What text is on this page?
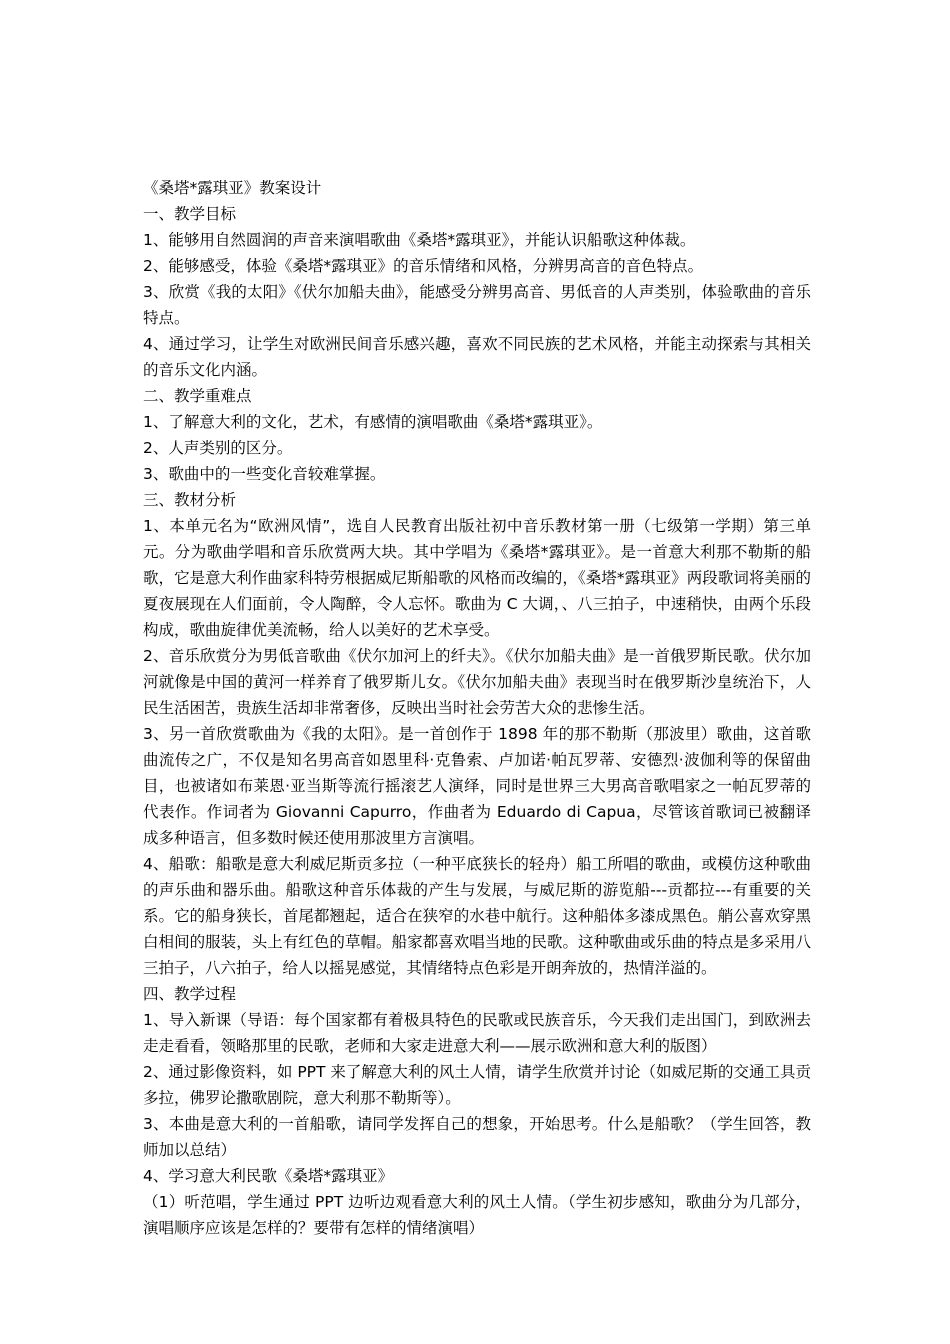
《桑塔*露琪亚》教案设计

一、教学目标

1、能够用自然圆润的声音来演唱歌曲《桑塔*露琪亚》，并能认识船歌这种体裁。

2、能够感受，体验《桑塔*露琪亚》的音乐情绪和风格，分辨男高音的音色特点。

3、欣赏《我的太阳》《伏尔加船夫曲》，能感受分辨男高音、男低音的人声类别，体验歌曲的音乐特点。

4、通过学习，让学生对欧洲民间音乐感兴趣，喜欢不同民族的艺术风格，并能主动探索与其相关的音乐文化内涵。

二、教学重难点

1、了解意大利的文化，艺术，有感情的演唱歌曲《桑塔*露琪亚》。

2、人声类别的区分。

3、歌曲中的一些变化音较难掌握。

三、教材分析

1、本单元名为“欧洲风情”，选自人民教育出版社初中音乐教材第一册（七级第一学期）第三单元。分为歌曲学唱和音乐欣赏两大块。其中学唱为《桑塔*露琪亚》。是一首意大利那不勒斯的船歌，它是意大利作曲家科特劳根据威尼斯船歌的风格而改编的，《桑塔*露琪亚》两段歌词将美丽的夏夜展现在人们面前，令人陶醉，令人忘怀。歌曲为 C 大调，、八三拍子，中速稍快，由两个乐段构成，歌曲旋律优美流畅，给人以美好的艺术享受。

2、音乐欣赏分为男低音歌曲《伏尔加河上的纤夫》。《伏尔加船夫曲》是一首俄罗斯民歌。伏尔加河就像是中国的黄河一样养育了俄罗斯儿女。《伏尔加船夫曲》表现当时在俄罗斯沙皇统治下，人民生活困苦，贵族生活却非常奢侈，反映出当时社会劳苦大众的悲惨生活。

3、另一首欣赏歌曲为《我的太阳》。是一首创作于 1898 年的那不勒斯（那波里）歌曲，这首歌曲流传之广，不仅是知名男高音如恩里科·克鲁索、卢加诺·帕瓦罗蒂、安德烈·波伽利等的保留曲目，也被诸如布莱恩·亚当斯等流行摇滚艺人演绎，同时是世界三大男高音歌唱家之一帕瓦罗蒂的代表作。作词者为 Giovanni Capurro，作曲者为 Eduardo di Capua，尽管该首歌词已被翻译成多种语言，但多数时候还使用那波里方言演唱。

4、船歌：船歌是意大利威尼斯贡多拉（一种平底狭长的轻舟）船工所唱的歌曲，或模仿这种歌曲的声乐曲和器乐曲。船歌这种音乐体裁的产生与发展，与威尼斯的游览船---贡都拉---有重要的关系。它的船身狭长，首尾都翘起，适合在狭窄的水巷中航行。这种船体多漆成黑色。艄公喜欢穿黑白相间的服装，头上有红色的草帽。船家都喜欢唱当地的民歌。这种歌曲或乐曲的特点是多采用八三拍子，八六拍子，给人以摇晃感觉，其情绪特点色彩是开朗奔放的，热情洋溢的。

四、教学过程

1、导入新课（导语：每个国家都有着极具特色的民歌或民族音乐，今天我们走出国门，到欧洲去走走看看，领略那里的民歌，老师和大家走进意大利——展示欧洲和意大利的版图）

2、通过影像资料，如 PPT 来了解意大利的风土人情，请学生欣赏并讨论（如威尼斯的交通工具贡多拉，佛罗论撒歌剧院，意大利那不勒斯等）。

3、本曲是意大利的一首船歌，请同学发挥自己的想象，开始思考。什么是船歌？（学生回答，教师加以总结）

4、学习意大利民歌《桑塔*露琪亚》

（1）听范唱，学生通过 PPT 边听边观看意大利的风土人情。（学生初步感知，歌曲分为几部分，演唱顺序应该是怎样的？要带有怎样的情绪演唱）
